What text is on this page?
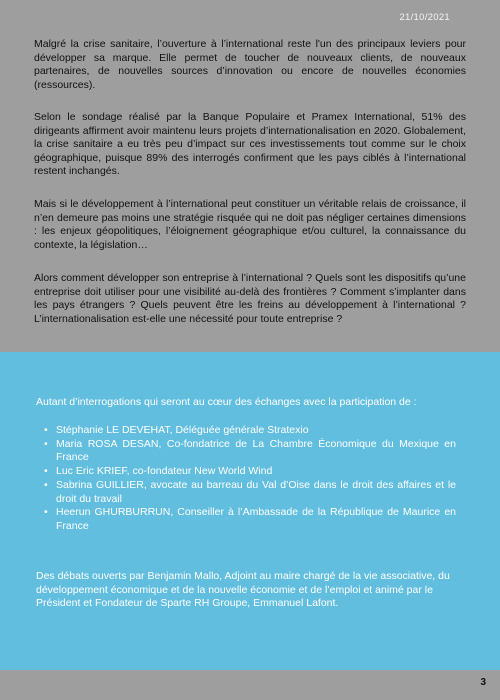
21/10/2021

Malgré la crise sanitaire, l’ouverture à l’international reste l'un des principaux leviers pour développer sa marque. Elle permet de toucher de nouveaux clients, de nouveaux partenaires, de nouvelles sources d’innovation ou encore de nouvelles économies (ressources).

Selon le sondage réalisé par la Banque Populaire et Pramex International, 51% des dirigeants affirment avoir maintenu leurs projets d’internationalisation en 2020. Globalement, la crise sanitaire a eu très peu d’impact sur ces investissements tout comme sur le choix géographique, puisque 89% des interrogés confirment que les pays ciblés à l’international restent inchangés.

Mais si le développement à l’international peut constituer un véritable relais de croissance, il n’en demeure pas moins une stratégie risquée qui ne doit pas négliger certaines dimensions : les enjeux géopolitiques, l’éloignement géographique et/ou culturel, la connaissance du contexte, la législation…

Alors comment développer son entreprise à l’international ? Quels sont les dispositifs qu’une entreprise doit utiliser pour une visibilité au-delà des frontières ? Comment s’implanter dans les pays étrangers ? Quels peuvent être les freins au développement à l’international ? L’internationalisation est-elle une nécessité pour toute entreprise ?

Autant d’interrogations qui seront au cœur des échanges avec la participation de :

• Stéphanie LE DEVEHAT, Déléguée générale Stratexio
• Maria ROSA DESAN, Co-fondatrice de La Chambre Économique du Mexique en France
• Luc Eric KRIEF, co-fondateur New World Wind
• Sabrina GUILLIER, avocate au barreau du Val d’Oise dans le droit des affaires et le droit du travail
• Heerun GHURBURRUN, Conseiller à l’Ambassade de la République de Maurice en France

Des débats ouverts par Benjamin Mallo, Adjoint au maire chargé de la vie associative, du développement économique et de la nouvelle économie et de l’emploi et animé par le Président et Fondateur de Sparte RH Groupe, Emmanuel Lafont.

3
